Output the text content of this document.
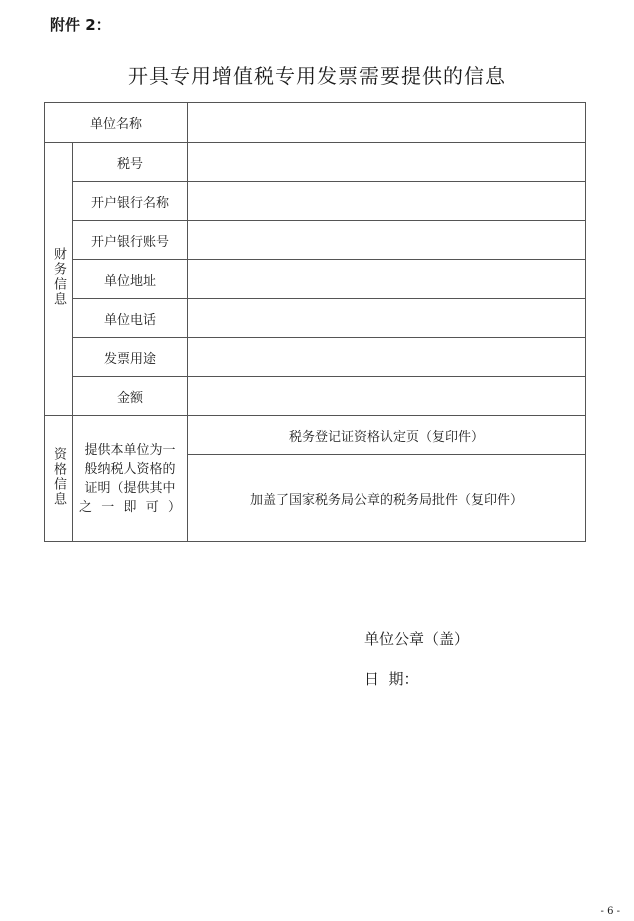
附件 2：
开具专用增值税专用发票需要提供的信息
单位名称		
财务信息	税号	
	开户银行名称	
	开户银行账号	
	单位地址	
	单位电话	
	发票用途	
	金额	
资格信息	提供本单位为一般纳税人资格的证明（提供其中之一即可）	税务登记证资格认定页（复印件）
		加盖了国家税务局公章的税务局批件（复印件）
单位公章（盖）
日  期：
- 6 -
